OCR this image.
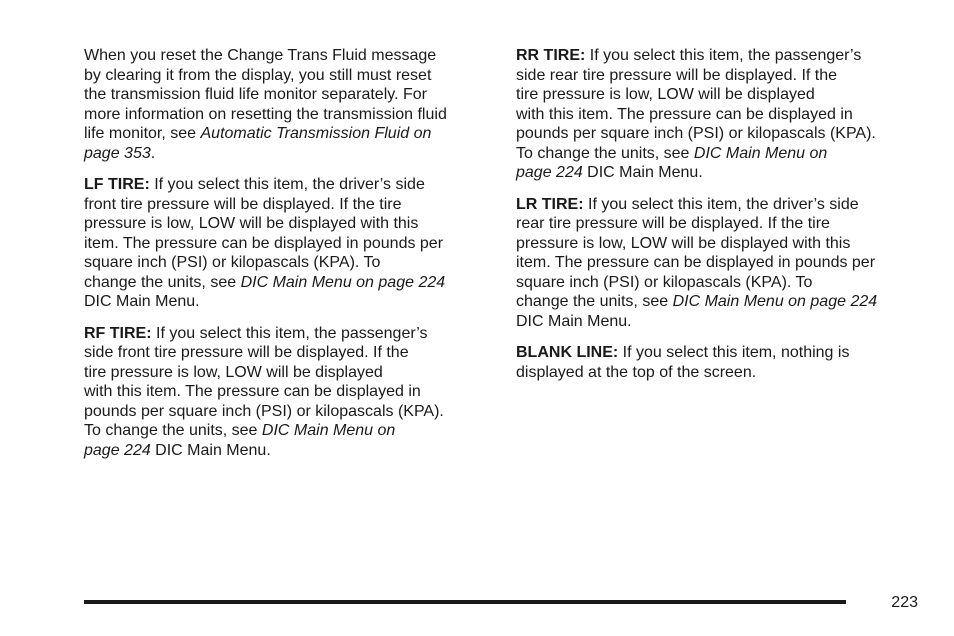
When you reset the Change Trans Fluid message
by clearing it from the display, you still must reset
the transmission fluid life monitor separately. For
more information on resetting the transmission fluid
life monitor, see Automatic Transmission Fluid on
page 353.

LF TIRE: If you select this item, the driver’s side
front tire pressure will be displayed. If the tire
pressure is low, LOW will be displayed with this
item. The pressure can be displayed in pounds per
square inch (PSI) or kilopascals (KPA). To
change the units, see DIC Main Menu on page 224
DIC Main Menu.

RF TIRE: If you select this item, the passenger’s
side front tire pressure will be displayed. If the
tire pressure is low, LOW will be displayed
with this item. The pressure can be displayed in
pounds per square inch (PSI) or kilopascals (KPA).
To change the units, see DIC Main Menu on
page 224 DIC Main Menu.

RR TIRE: If you select this item, the passenger’s
side rear tire pressure will be displayed. If the
tire pressure is low, LOW will be displayed
with this item. The pressure can be displayed in
pounds per square inch (PSI) or kilopascals (KPA).
To change the units, see DIC Main Menu on
page 224 DIC Main Menu.

LR TIRE: If you select this item, the driver’s side
rear tire pressure will be displayed. If the tire
pressure is low, LOW will be displayed with this
item. The pressure can be displayed in pounds per
square inch (PSI) or kilopascals (KPA). To
change the units, see DIC Main Menu on page 224
DIC Main Menu.

BLANK LINE: If you select this item, nothing is
displayed at the top of the screen.

223
